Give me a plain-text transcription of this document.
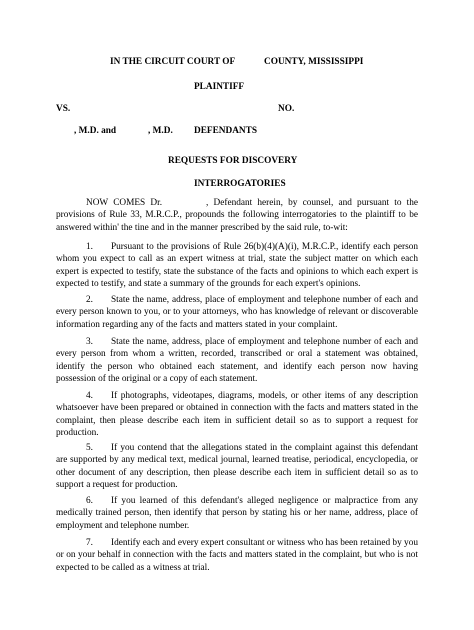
IN THE CIRCUIT COURT OF	COUNTY, MISSISSIPPI
PLAINTIFF
VS.	NO.
, M.D. and	, M.D. DEFENDANTS
REQUESTS FOR DISCOVERY
INTERROGATORIES

NOW COMES Dr.	, Defendant herein, by counsel, and pursuant to the provisions of Rule 33, M.R.C.P., propounds the following interrogatories to the plaintiff to be answered within' the tine and in the manner prescribed by the said rule, to-wit:

1. Pursuant to the provisions of Rule 26(b)(4)(A)(i), M.R.C.P., identify each person whom you expect to call as an expert witness at trial, state the subject matter on which each expert is expected to testify, state the substance of the facts and opinions to which each expert is expected to testify, and state a summary of the grounds for each expert's opinions.

2. State the name, address, place of employment and telephone number of each and every person known to you, or to your attorneys, who has knowledge of relevant or discoverable information regarding any of the facts and matters stated in your complaint.

3. State the name, address, place of employment and telephone number of each and every person from whom a written, recorded, transcribed or oral a statement was obtained, identify the person who obtained each statement, and identify each person now having possession of the original or a copy of each statement.

4. If photographs, videotapes, diagrams, models, or other items of any description whatsoever have been prepared or obtained in connection with the facts and matters stated in the complaint, then please describe each item in sufficient detail so as to support a request for production.

5. If you contend that the allegations stated in the complaint against this defendant are supported by any medical text, medical journal, learned treatise, periodical, encyclopedia, or other document of any description, then please describe each item in sufficient detail so as to support a request for production.

6. If you learned of this defendant's alleged negligence or malpractice from any medically trained person, then identify that person by stating his or her name, address, place of employment and telephone number.

7. Identify each and every expert consultant or witness who has been retained by you or on your behalf in connection with the facts and matters stated in the complaint, but who is not expected to be called as a witness at trial.
